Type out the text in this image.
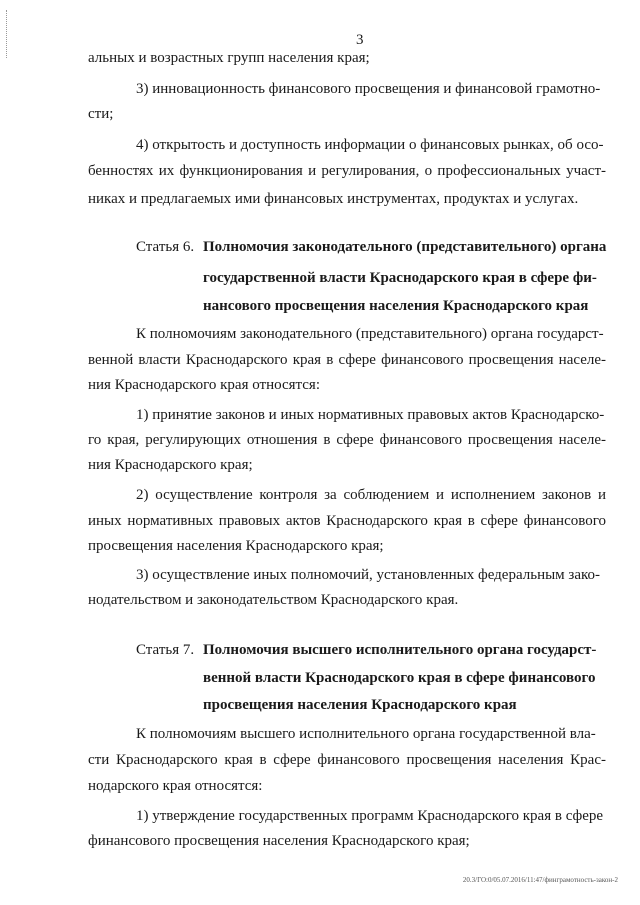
3
альных и возрастных групп населения края;
3) инновационность финансового просвещения и финансовой грамотно-
сти;
4) открытость и доступность информации о финансовых рынках, об осо-
бенностях их функционирования и регулирования, о профессиональных участ-
никах и предлагаемых ими финансовых инструментах, продуктах и услугах.
Статья 6. Полномочия законодательного (представительного) органа
государственной власти Краснодарского края в сфере фи-
нансового просвещения населения Краснодарского края
К полномочиям законодательного (представительного) органа государст-
венной власти Краснодарского края в сфере финансового просвещения населе-
ния Краснодарского края относятся:
1) принятие законов и иных нормативных правовых актов Краснодарско-
го края, регулирующих отношения в сфере финансового просвещения населе-
ния Краснодарского края;
2) осуществление контроля за соблюдением и исполнением законов и
иных нормативных правовых актов Краснодарского края в сфере финансового
просвещения населения Краснодарского края;
3) осуществление иных полномочий, установленных федеральным зако-
нодательством и законодательством Краснодарского края.
Статья 7. Полномочия высшего исполнительного органа государст-
венной власти Краснодарского края в сфере финансового
просвещения населения Краснодарского края
К полномочиям высшего исполнительного органа государственной вла-
сти Краснодарского края в сфере финансового просвещения населения Крас-
нодарского края относятся:
1) утверждение государственных программ Краснодарского края в сфере
финансового просвещения населения Краснодарского края;
20.3/ГО:0/05.07.2016/11:47/финграмотность-закон-2
